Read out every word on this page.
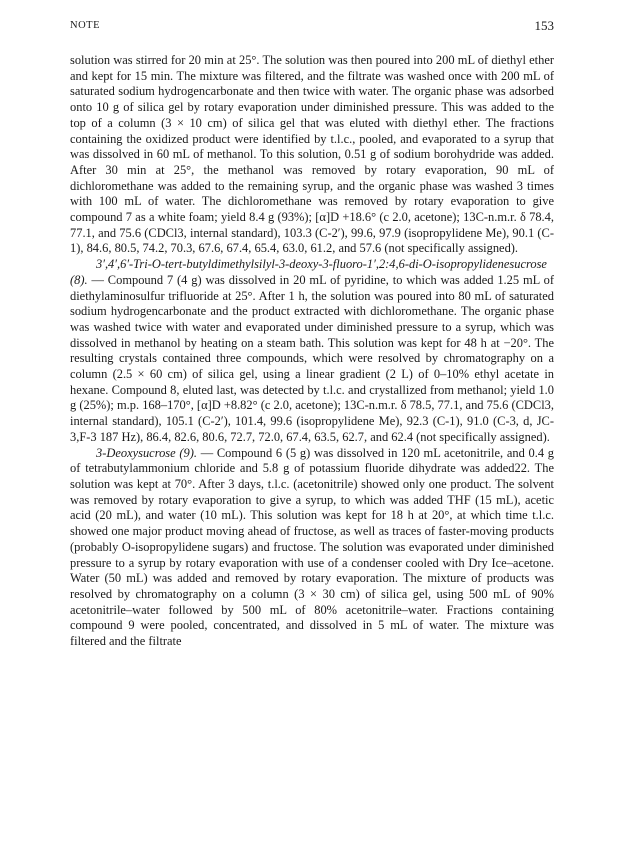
NOTE	153

solution was stirred for 20 min at 25°. The solution was then poured into 200 mL of diethyl ether and kept for 15 min. The mixture was filtered, and the filtrate was washed once with 200 mL of saturated sodium hydrogencarbonate and then twice with water. The organic phase was adsorbed onto 10 g of silica gel by rotary evaporation under diminished pressure. This was added to the top of a column (3 × 10 cm) of silica gel that was eluted with diethyl ether. The fractions containing the oxidized product were identified by t.l.c., pooled, and evaporated to a syrup that was dissolved in 60 mL of methanol. To this solution, 0.51 g of sodium borohydride was added. After 30 min at 25°, the methanol was removed by rotary evaporation, 90 mL of dichloromethane was added to the remaining syrup, and the organic phase was washed 3 times with 100 mL of water. The dichloromethane was removed by rotary evaporation to give compound 7 as a white foam; yield 8.4 g (93%); [α]D +18.6° (c 2.0, acetone); 13C-n.m.r. δ 78.4, 77.1, and 75.6 (CDCl3, internal standard), 103.3 (C-2′), 99.6, 97.9 (isopropylidene Me), 90.1 (C-1), 84.6, 80.5, 74.2, 70.3, 67.6, 67.4, 65.4, 63.0, 61.2, and 57.6 (not specifically assigned).

3′,4′,6′-Tri-O-tert-butyldimethylsilyl-3-deoxy-3-fluoro-1′,2:4,6-di-O-isopropylidenesucrose (8). — Compound 7 (4 g) was dissolved in 20 mL of pyridine, to which was added 1.25 mL of diethylaminosulfur trifluoride at 25°. After 1 h, the solution was poured into 80 mL of saturated sodium hydrogencarbonate and the product extracted with dichloromethane. The organic phase was washed twice with water and evaporated under diminished pressure to a syrup, which was dissolved in methanol by heating on a steam bath. This solution was kept for 48 h at −20°. The resulting crystals contained three compounds, which were resolved by chromatography on a column (2.5 × 60 cm) of silica gel, using a linear gradient (2 L) of 0–10% ethyl acetate in hexane. Compound 8, eluted last, was detected by t.l.c. and crystallized from methanol; yield 1.0 g (25%); m.p. 168–170°, [α]D +8.82° (c 2.0, acetone); 13C-n.m.r. δ 78.5, 77.1, and 75.6 (CDCl3, internal standard), 105.1 (C-2′), 101.4, 99.6 (isopropylidene Me), 92.3 (C-1), 91.0 (C-3, d, JC-3,F-3 187 Hz), 86.4, 82.6, 80.6, 72.7, 72.0, 67.4, 63.5, 62.7, and 62.4 (not specifically assigned).

3-Deoxysucrose (9). — Compound 6 (5 g) was dissolved in 120 mL acetonitrile, and 0.4 g of tetrabutylammonium chloride and 5.8 g of potassium fluoride dihydrate was added22. The solution was kept at 70°. After 3 days, t.l.c. (acetonitrile) showed only one product. The solvent was removed by rotary evaporation to give a syrup, to which was added THF (15 mL), acetic acid (20 mL), and water (10 mL). This solution was kept for 18 h at 20°, at which time t.l.c. showed one major product moving ahead of fructose, as well as traces of faster-moving products (probably O-isopropylidene sugars) and fructose. The solution was evaporated under diminished pressure to a syrup by rotary evaporation with use of a condenser cooled with Dry Ice–acetone. Water (50 mL) was added and removed by rotary evaporation. The mixture of products was resolved by chromatography on a column (3 × 30 cm) of silica gel, using 500 mL of 90% acetonitrile–water followed by 500 mL of 80% acetonitrile–water. Fractions containing compound 9 were pooled, concentrated, and dissolved in 5 mL of water. The mixture was filtered and the filtrate
